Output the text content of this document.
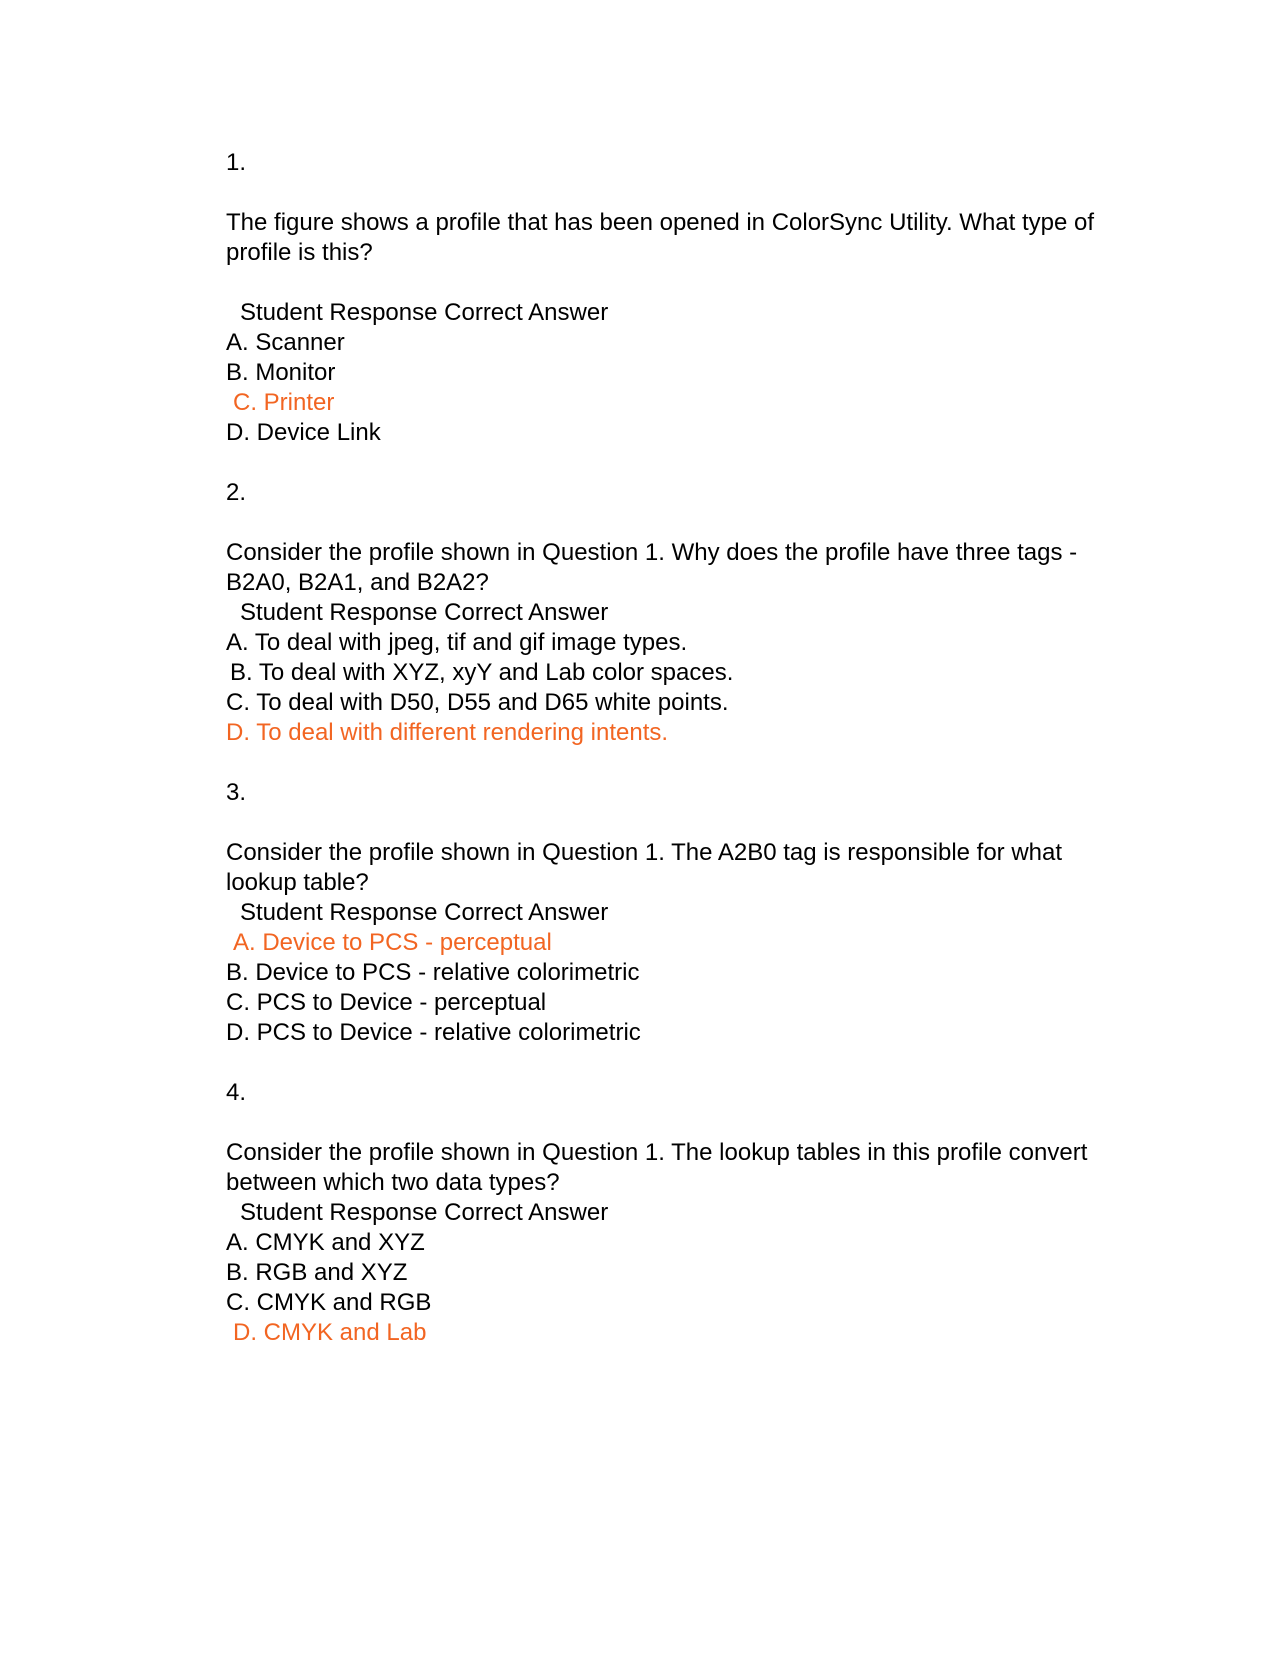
1.
The figure shows a profile that has been opened in ColorSync Utility. What type of profile is this?
Student Response Correct Answer
A. Scanner
B. Monitor
C. Printer
D. Device Link
2.
Consider the profile shown in Question 1. Why does the profile have three tags - B2A0, B2A1, and B2A2?
Student Response Correct Answer
A. To deal with jpeg, tif and gif image types.
B. To deal with XYZ, xyY and Lab color spaces.
C. To deal with D50, D55 and D65 white points.
D. To deal with different rendering intents.
3.
Consider the profile shown in Question 1. The A2B0 tag is responsible for what lookup table?
Student Response Correct Answer
A. Device to PCS - perceptual
B. Device to PCS - relative colorimetric
C. PCS to Device - perceptual
D. PCS to Device - relative colorimetric
4.
Consider the profile shown in Question 1. The lookup tables in this profile convert between which two data types?
Student Response Correct Answer
A. CMYK and XYZ
B. RGB and XYZ
C. CMYK and RGB
D. CMYK and Lab
